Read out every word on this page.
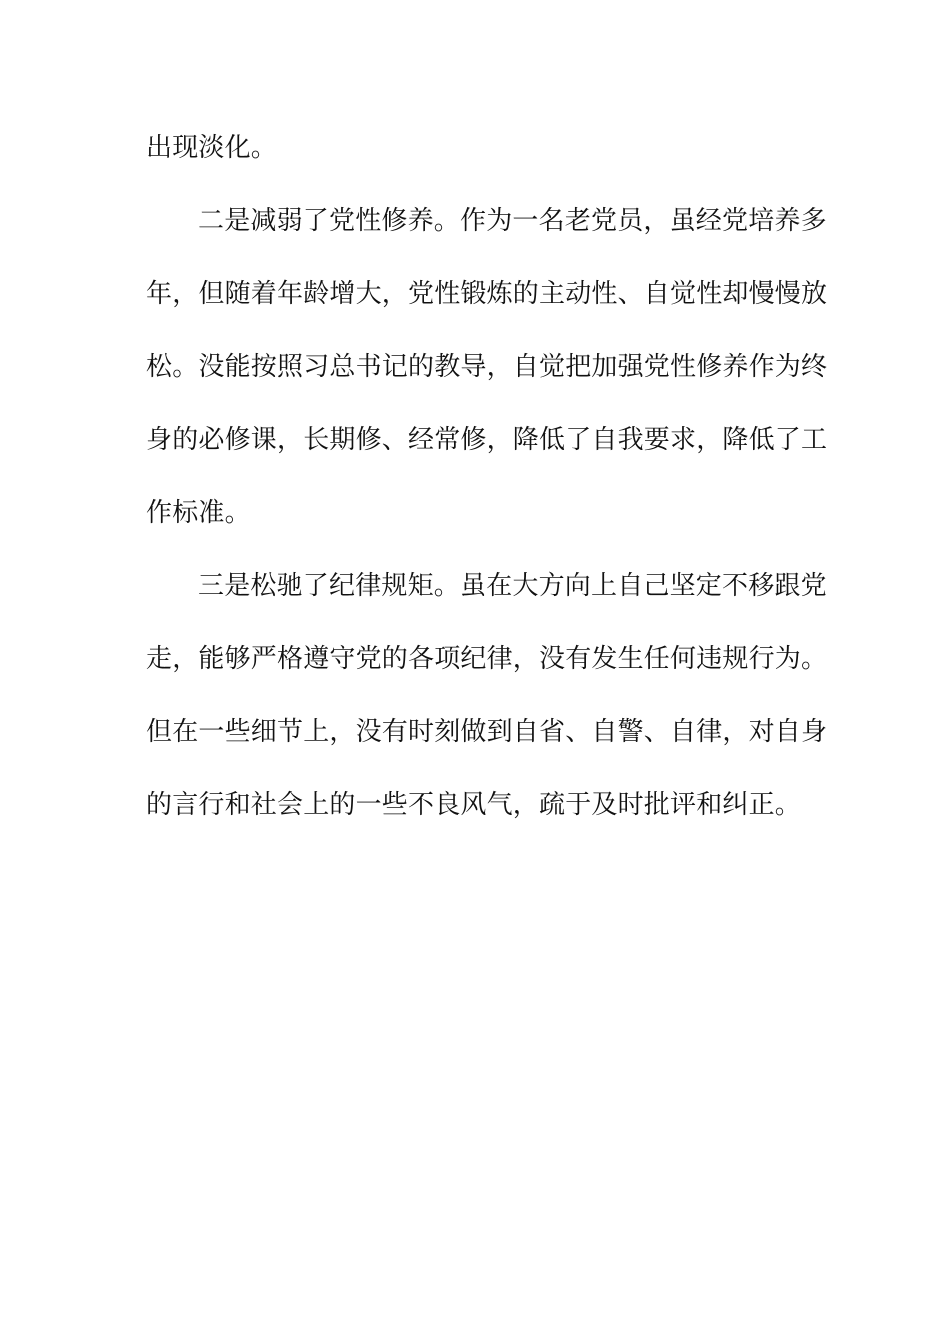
出现淡化。
二是减弱了党性修养。作为一名老党员，虽经党培养多
年，但随着年龄增大，党性锻炼的主动性、自觉性却慢慢放
松。没能按照习总书记的教导，自觉把加强党性修养作为终
身的必修课，长期修、经常修，降低了自我要求，降低了工
作标准。
三是松驰了纪律规矩。虽在大方向上自己坚定不移跟党
走，能够严格遵守党的各项纪律，没有发生任何违规行为。
但在一些细节上，没有时刻做到自省、自警、自律，对自身
的言行和社会上的一些不良风气，疏于及时批评和纠正。
